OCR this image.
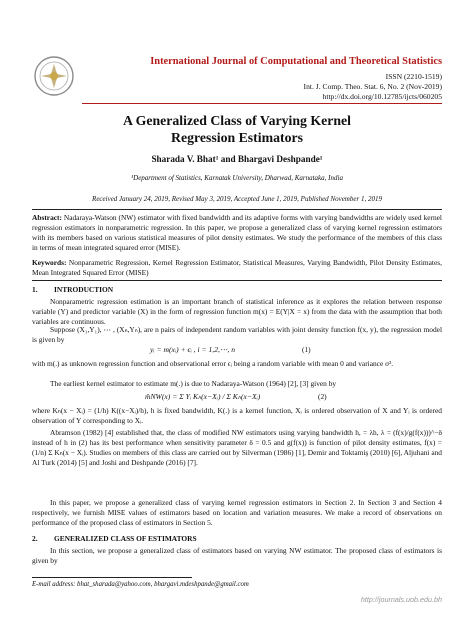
International Journal of Computational and Theoretical Statistics
ISSN (2210-1519)
Int. J. Comp. Theo. Stat. 6, No. 2 (Nov-2019)
http://dx.doi.org/10.12785/ijcts/060205
A Generalized Class of Varying Kernel
Regression Estimators
Sharada V. Bhat¹ and Bhargavi Deshpande¹
¹Department of Statistics, Karnatak University, Dharwad, Karnataka, India
Received January 24, 2019, Revised May 3, 2019, Accepted June 1, 2019, Published November 1, 2019
Abstract: Nadaraya-Watson (NW) estimator with fixed bandwidth and its adaptive forms with varying bandwidths are widely used kernel regression estimators in nonparametric regression. In this paper, we propose a generalized class of varying kernel regression estimators with its members based on various statistical measures of pilot density estimates. We study the performance of the members of this class in terms of mean integrated squared error (MISE).
Keywords: Nonparametric Regression, Kernel Regression Estimator, Statistical Measures, Varying Bandwidth, Pilot Density Estimates, Mean Integrated Squared Error (MISE)
1. INTRODUCTION
Nonparametric regression estimation is an important branch of statistical inference as it explores the relation between response variable (Y) and predictor variable (X) in the form of regression function m(x) = E(Y|X = x) from the data with the assumption that both variables are continuous.
Suppose (X₁,Y₁), ⋯ , (Xₙ,Yₙ), are n pairs of independent random variables with joint density function f(x, y), the regression model is given by
yᵢ = m(xᵢ) + ϵᵢ , i = 1,2,⋯, n	(1)
with m(.) as unknown regression function and observational error ϵᵢ being a random variable with mean 0 and variance σ².
The earliest kernel estimator to estimate m(.) is due to Nadaraya-Watson (1964) [2], [3] given by
m̂NW(x) = Σ Yᵢ Kₕ(x−Xᵢ) / Σ Kₕ(x−Xᵢ)	(2)
where Kₕ(x − Xᵢ) = (1/h) K((x−Xᵢ)/h), h is fixed bandwidth, K(.) is a kernel function, Xᵢ is ordered observation of X and Yᵢ is ordered observation of Y corresponding to Xᵢ.
Abramson (1982) [4] established that, the class of modified NW estimators using varying bandwidth h, = λh, λ = (f(x)/g(f(x)))^−δ instead of h in (2) has its best performance when sensitivity parameter δ = 0.5 and g(f(x)) is function of pilot density estimates, f(x) = (1/n) Σ Kₕ(x − Xᵢ). Studies on members of this class are carried out by Silverman (1986) [1], Demir and Toktamiş (2010) [6], Aljuhani and Al Turk (2014) [5] and Joshi and Deshpande (2016) [7].
In this paper, we propose a generalized class of varying kernel regression estimators in Section 2. In Section 3 and Section 4 respectively, we furnish MISE values of estimators based on location and variation measures. We make a record of observations on performance of the proposed class of estimators in Section 5.
2. GENERALIZED CLASS OF ESTIMATORS
In this section, we propose a generalized class of estimators based on varying NW estimator. The proposed class of estimators is given by
E-mail address: bhat_sharada@yahoo.com, bhargavi.mdeshpande@gmail.com
http://journals.uob.edu.bh
